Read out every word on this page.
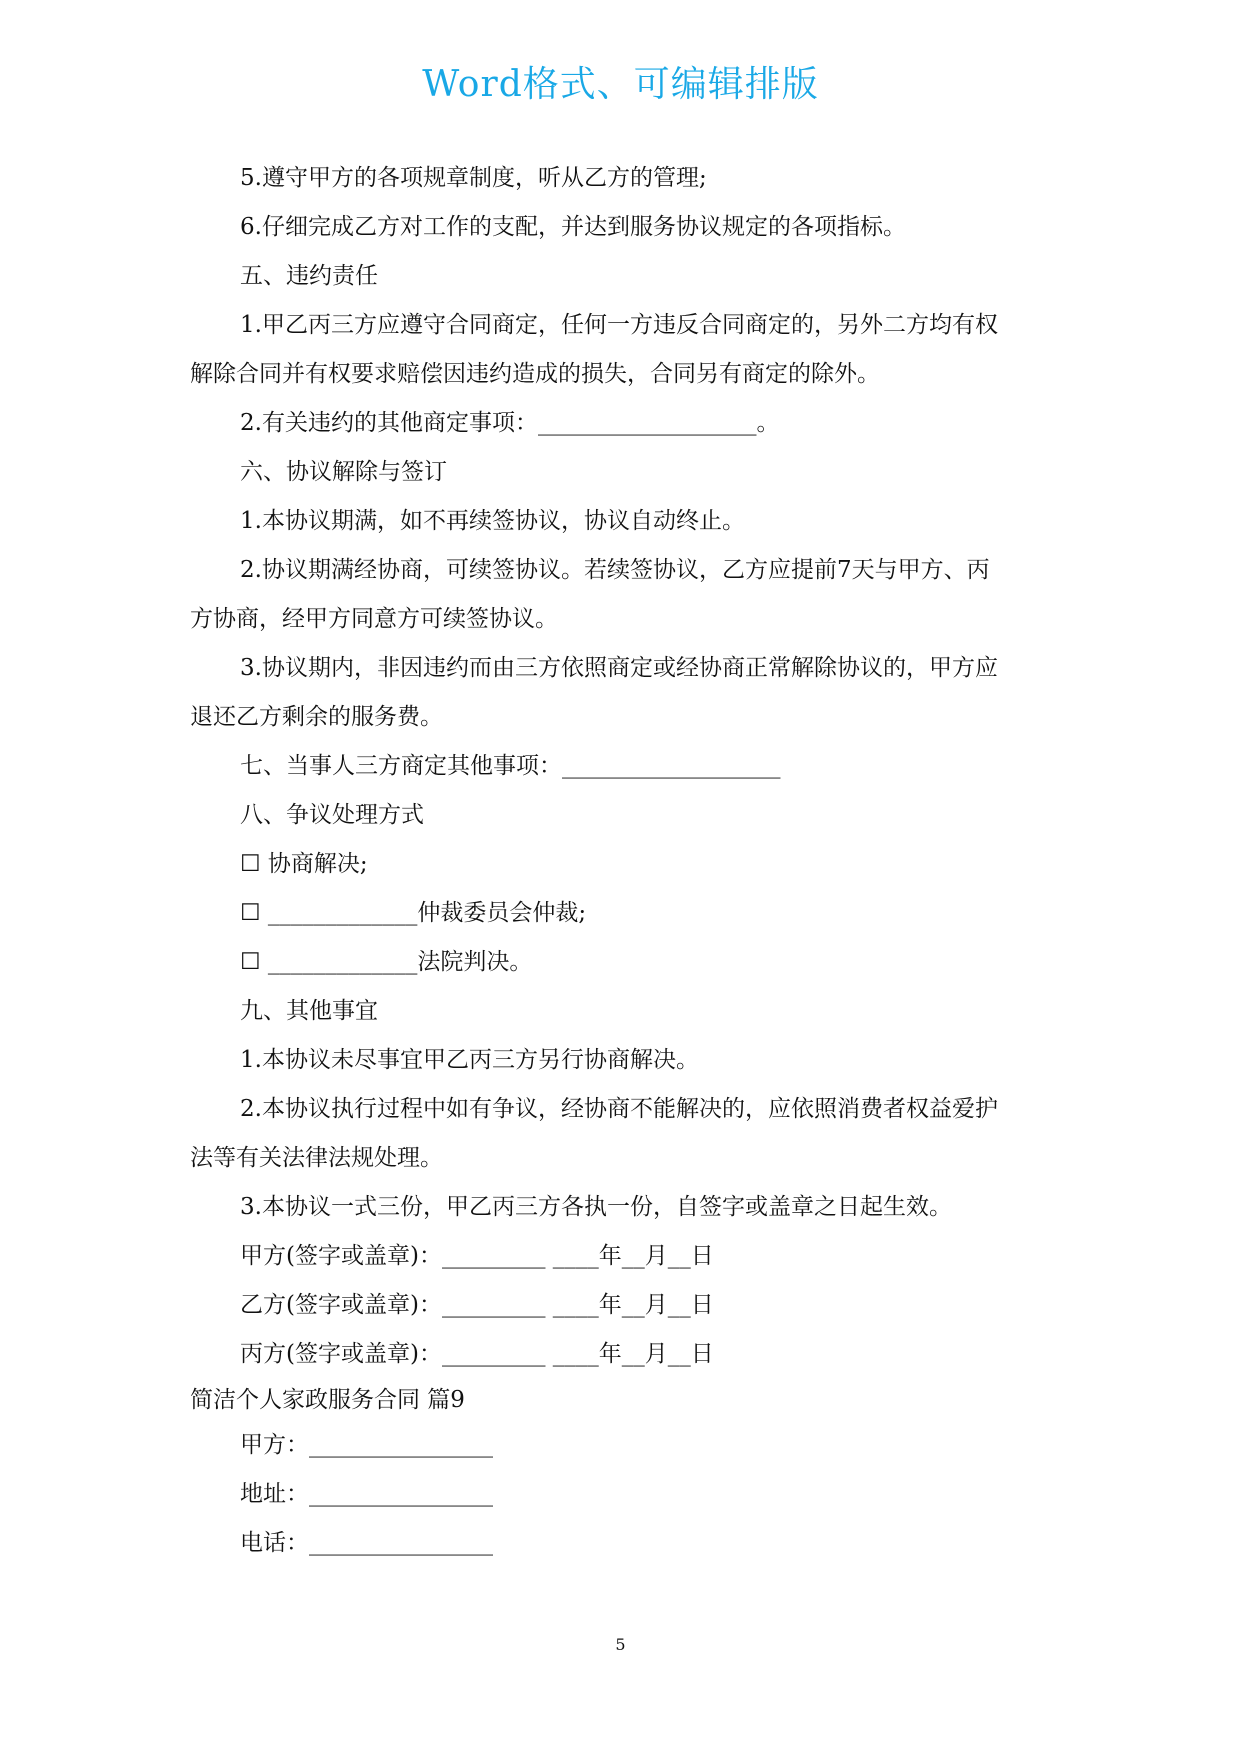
Word格式、可编辑排版
5.遵守甲方的各项规章制度，听从乙方的管理;
6.仔细完成乙方对工作的支配，并达到服务协议规定的各项指标。
五、违约责任
1.甲乙丙三方应遵守合同商定，任何一方违反合同商定的，另外二方均有权
解除合同并有权要求赔偿因违约造成的损失，合同另有商定的除外。
2.有关违约的其他商定事项：___________________。
六、协议解除与签订
1.本协议期满，如不再续签协议，协议自动终止。
2.协议期满经协商，可续签协议。若续签协议，乙方应提前7天与甲方、丙
方协商，经甲方同意方可续签协议。
3.协议期内，非因违约而由三方依照商定或经协商正常解除协议的，甲方应
退还乙方剩余的服务费。
七、当事人三方商定其他事项：___________________
八、争议处理方式
☐ 协商解决;
☐ _____________仲裁委员会仲裁;
☐ _____________法院判决。
九、其他事宜
1.本协议未尽事宜甲乙丙三方另行协商解决。
2.本协议执行过程中如有争议，经协商不能解决的，应依照消费者权益爱护
法等有关法律法规处理。
3.本协议一式三份，甲乙丙三方各执一份，自签字或盖章之日起生效。
甲方(签字或盖章)：_________ ____年__月__日
乙方(签字或盖章)：_________ ____年__月__日
丙方(签字或盖章)：_________ ____年__月__日
简洁个人家政服务合同 篇9
甲方：________________
地址：________________
电话：________________
5
